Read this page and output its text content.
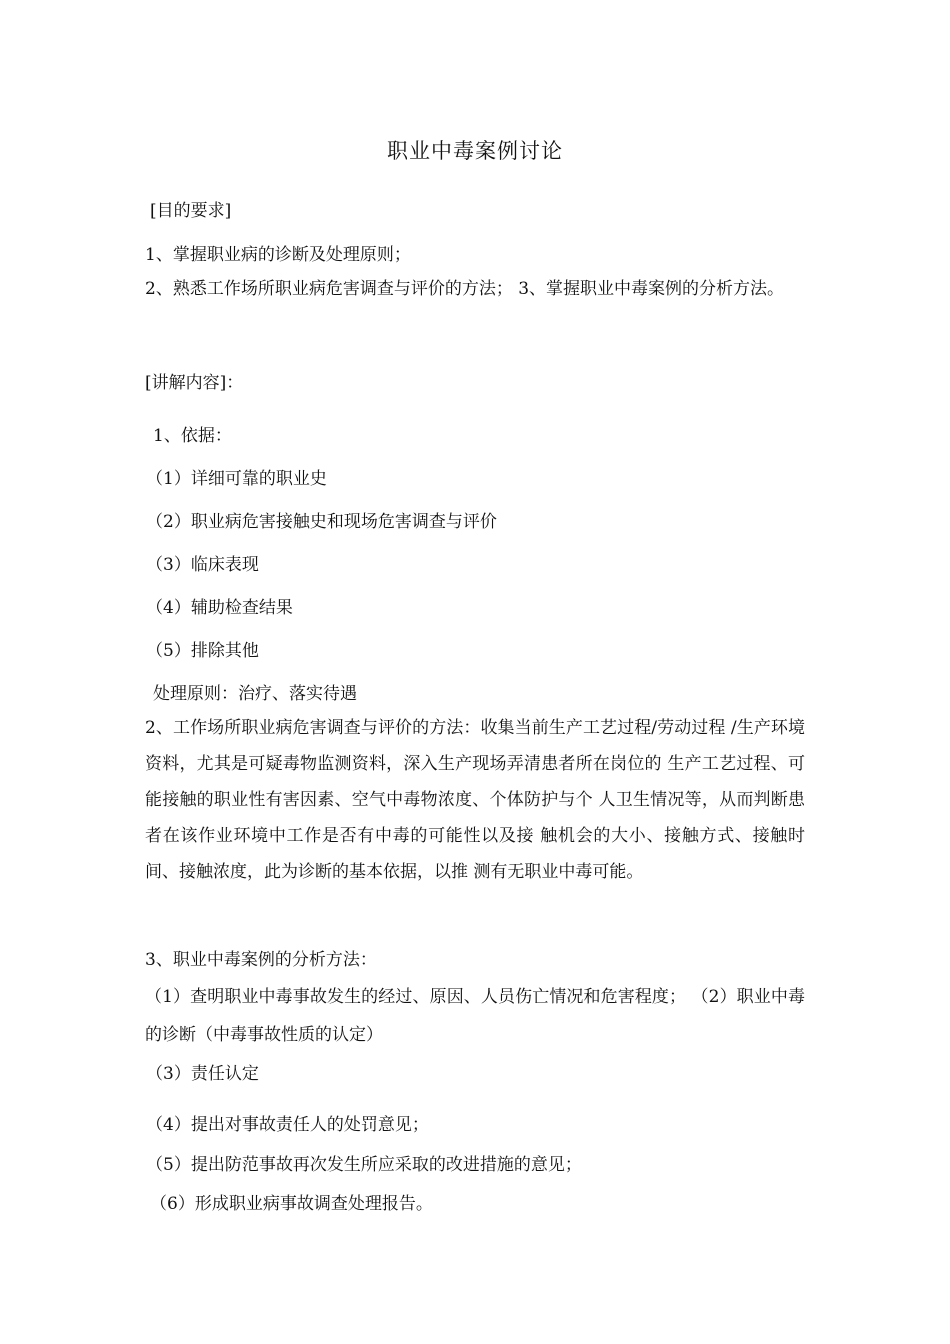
职业中毒案例讨论
[目的要求]
1、掌握职业病的诊断及处理原则；
2、熟悉工作场所职业病危害调查与评价的方法； 3、掌握职业中毒案例的分析方法。
[讲解内容]：
1、依据：
（1）详细可靠的职业史
（2）职业病危害接触史和现场危害调查与评价
（3）临床表现
（4）辅助检查结果
（5）排除其他
处理原则：治疗、落实待遇
2、工作场所职业病危害调查与评价的方法：收集当前生产工艺过程/劳动过程 /生产环境资料，尤其是可疑毒物监测资料，深入生产现场弄清患者所在岗位的 生产工艺过程、可能接触的职业性有害因素、空气中毒物浓度、个体防护与个 人卫生情况等，从而判断患者在该作业环境中工作是否有中毒的可能性以及接 触机会的大小、接触方式、接触时间、接触浓度，此为诊断的基本依据，以推 测有无职业中毒可能。
3、职业中毒案例的分析方法：
（1）查明职业中毒事故发生的经过、原因、人员伤亡情况和危害程度； （2）职业中毒的诊断（中毒事故性质的认定）
（3）责任认定
（4）提出对事故责任人的处罚意见；
（5）提出防范事故再次发生所应采取的改进措施的意见；
（6）形成职业病事故调查处理报告。
